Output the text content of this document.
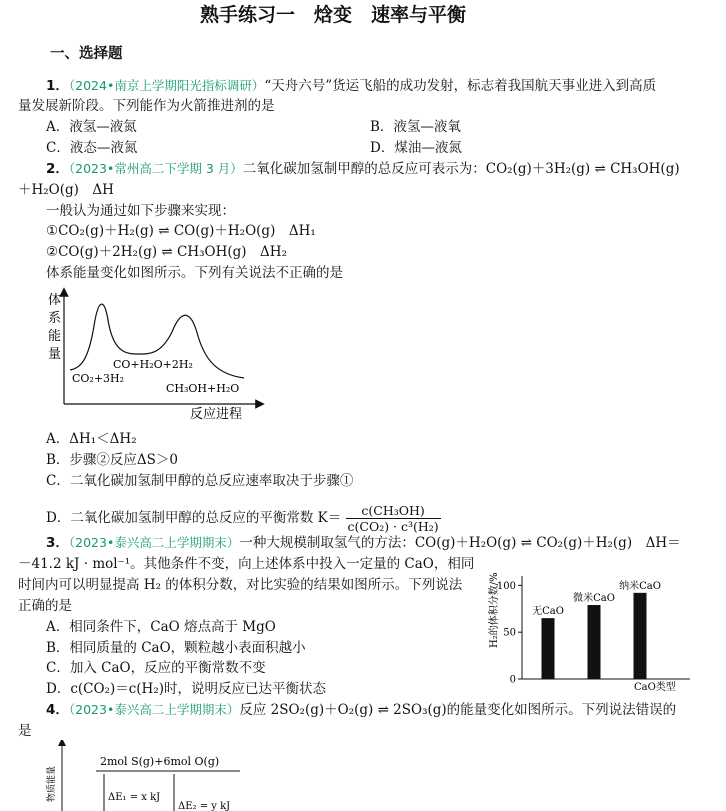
熟手练习一　焓变　速率与平衡
一、选择题
1．（2024•南京上学期阳光指标调研）“天舟六号”货运飞船的成功发射，标志着我国航天事业进入到高质
量发展新阶段。下列能作为火箭推进剂的是
A．液氢—液氮	B．液氢—液氧
C．液态—液氮	D．煤油—液氮
2．（2023•常州高二下学期 3 月）二氧化碳加氢制甲醇的总反应可表示为：CO₂(g)＋3H₂(g) ⇌ CH₃OH(g)
＋H₂O(g)　ΔH
一般认为通过如下步骤来实现：
①CO₂(g)＋H₂(g) ⇌ CO(g)＋H₂O(g)　ΔH₁
②CO(g)＋2H₂(g) ⇌ CH₃OH(g)　ΔH₂
体系能量变化如图所示。下列有关说法不正确的是
体
系
能
量
反应进程
CO₂+3H₂
CO+H₂O+2H₂
CH₃OH+H₂O
A．ΔH₁＜ΔH₂
B．步骤②反应ΔS＞0
C．二氧化碳加氢制甲醇的总反应速率取决于步骤①
D．二氧化碳加氢制甲醇的总反应的平衡常数 $K= \frac{\text{c(CH₃OH)}}{\text{c(CO₂) · c³(H₂)}}$
3．（2023•泰兴高二上学期期末）一种大规模制取氢气的方法：CO(g)＋H₂O(g) ⇌ CO₂(g)＋H₂(g)　ΔH＝
－41.2 kJ · mol⁻¹。其他条件不变，向上述体系中投入一定量的 CaO，相同
时间内可以明显提高 H₂ 的体积分数，对比实验的结果如图所示。下列说法
正确的是
A．相同条件下，CaO 熔点高于 MgO
B．相同质量的 CaO，颗粒越小表面积越小
C．加入 CaO，反应的平衡常数不变
D．c(CO₂)＝c(H₂)时，说明反应已达平衡状态
H₂的体积分数/%
CaO类型
0
50
100
无CaO
微米CaO
纳米CaO
4．（2023•泰兴高二上学期期末）反应 2SO₂(g)＋O₂(g) ⇌ 2SO₃(g)的能量变化如图所示。下列说法错误的
是
物质能量
2mol S(g)+6mol O(g)
ΔE₁ = x kJ
ΔE₂ = y kJ
